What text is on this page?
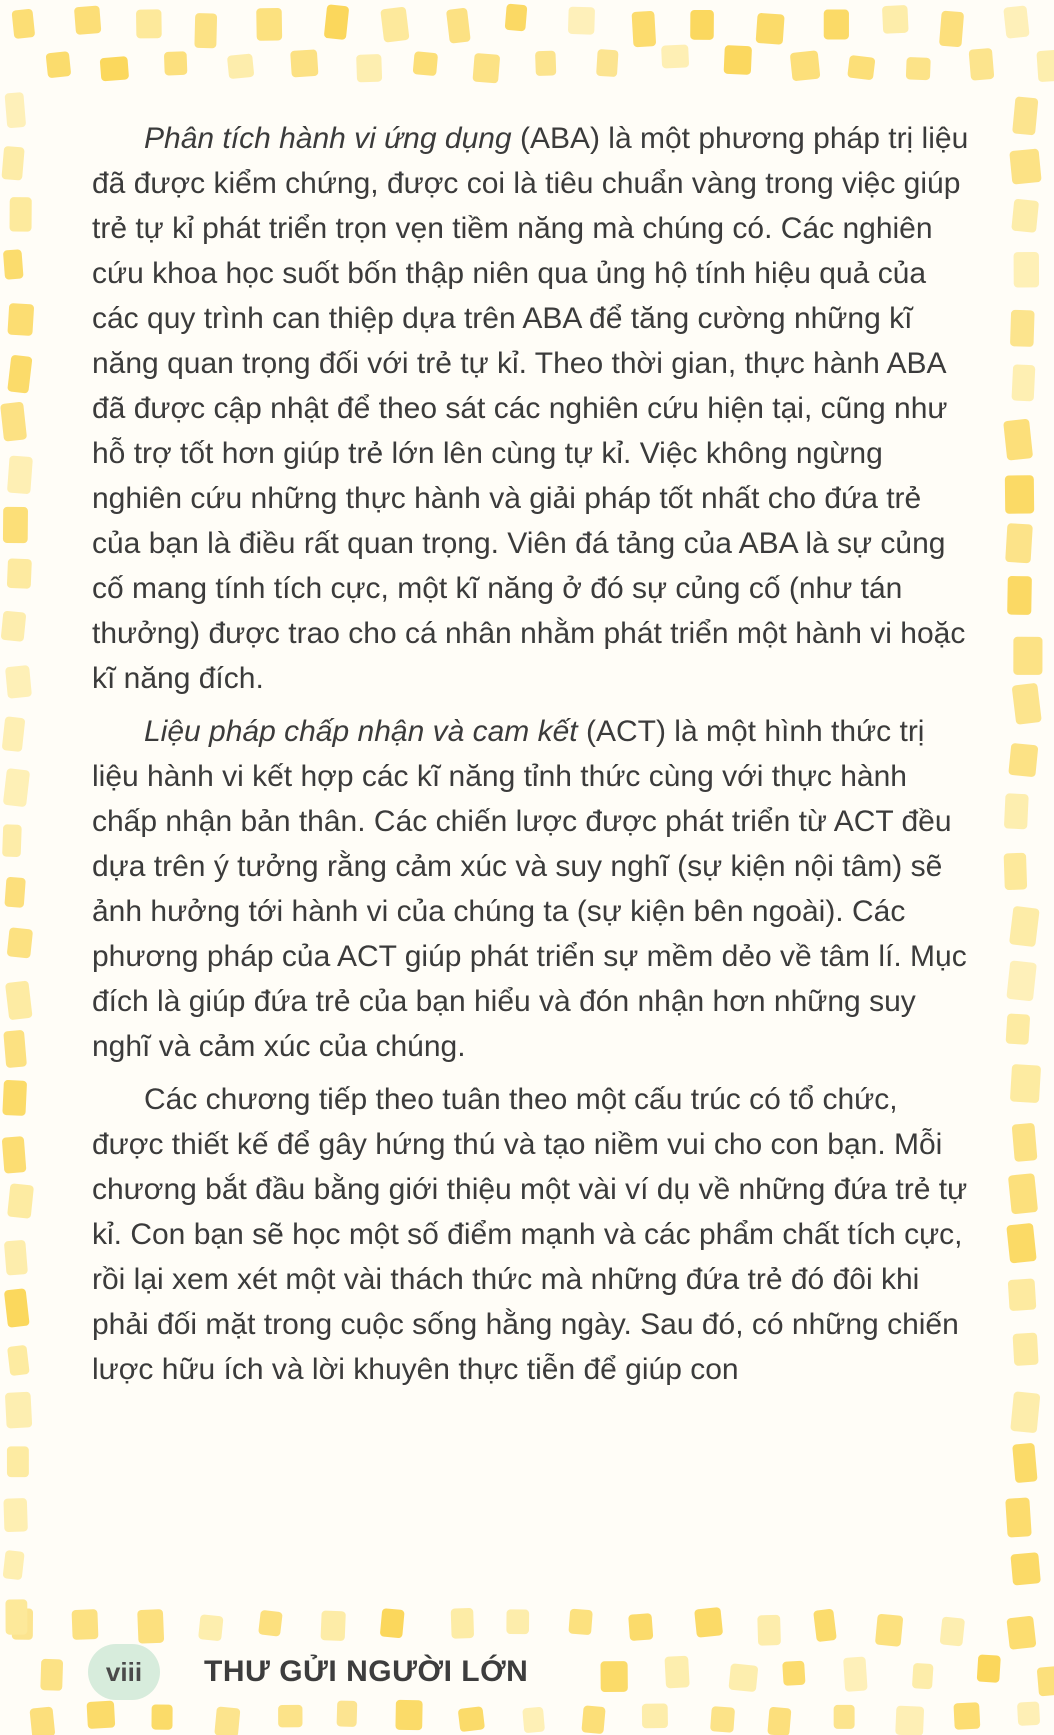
Phân tích hành vi ứng dụng (ABA) là một phương pháp trị liệu đã được kiểm chứng, được coi là tiêu chuẩn vàng trong việc giúp trẻ tự kỉ phát triển trọn vẹn tiềm năng mà chúng có. Các nghiên cứu khoa học suốt bốn thập niên qua ủng hộ tính hiệu quả của các quy trình can thiệp dựa trên ABA để tăng cường những kĩ năng quan trọng đối với trẻ tự kỉ. Theo thời gian, thực hành ABA đã được cập nhật để theo sát các nghiên cứu hiện tại, cũng như hỗ trợ tốt hơn giúp trẻ lớn lên cùng tự kỉ. Việc không ngừng nghiên cứu những thực hành và giải pháp tốt nhất cho đứa trẻ của bạn là điều rất quan trọng. Viên đá tảng của ABA là sự củng cố mang tính tích cực, một kĩ năng ở đó sự củng cố (như tán thưởng) được trao cho cá nhân nhằm phát triển một hành vi hoặc kĩ năng đích.

Liệu pháp chấp nhận và cam kết (ACT) là một hình thức trị liệu hành vi kết hợp các kĩ năng tỉnh thức cùng với thực hành chấp nhận bản thân. Các chiến lược được phát triển từ ACT đều dựa trên ý tưởng rằng cảm xúc và suy nghĩ (sự kiện nội tâm) sẽ ảnh hưởng tới hành vi của chúng ta (sự kiện bên ngoài). Các phương pháp của ACT giúp phát triển sự mềm dẻo về tâm lí. Mục đích là giúp đứa trẻ của bạn hiểu và đón nhận hơn những suy nghĩ và cảm xúc của chúng.

Các chương tiếp theo tuân theo một cấu trúc có tổ chức, được thiết kế để gây hứng thú và tạo niềm vui cho con bạn. Mỗi chương bắt đầu bằng giới thiệu một vài ví dụ về những đứa trẻ tự kỉ. Con bạn sẽ học một số điểm mạnh và các phẩm chất tích cực, rồi lại xem xét một vài thách thức mà những đứa trẻ đó đôi khi phải đối mặt trong cuộc sống hằng ngày. Sau đó, có những chiến lược hữu ích và lời khuyên thực tiễn để giúp con

viii	THƯ GỬI NGƯỜI LỚN
